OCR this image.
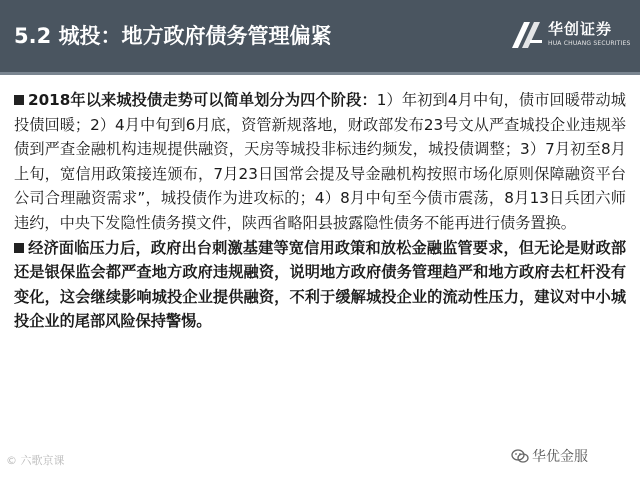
5.2 城投：地方政府债务管理偏紧	华创证券
HUA CHUANG SECURITIES

2018年以来城投债走势可以简单划分为四个阶段：1）年初到4月中旬，债市回暖带动城投债回暖；2）4月中旬到6月底，资管新规落地，财政部发布23号文从严查城投企业违规举债到严查金融机构违规提供融资，天房等城投非标违约频发，城投债调整；3）7月初至8月上旬，宽信用政策接连颁布，7月23日国常会提及导金融机构按照市场化原则保障融资平台公司合理融资需求”，城投债作为进攻标的；4）8月中旬至今债市震荡，8月13日兵团六师违约，中央下发隐性债务摸文件，陕西省略阳县披露隐性债务不能再进行债务置换。

经济面临压力后，政府出台刺激基建等宽信用政策和放松金融监管要求，但无论是财政部还是银保监会都严查地方政府违规融资，说明地方政府债务管理趋严和地方政府去杠杆没有变化，这会继续影响城投企业提供融资，不利于缓解城投企业的流动性压力，建议对中小城投企业的尾部风险保持警惕。

© 六歌京课	华优金服
